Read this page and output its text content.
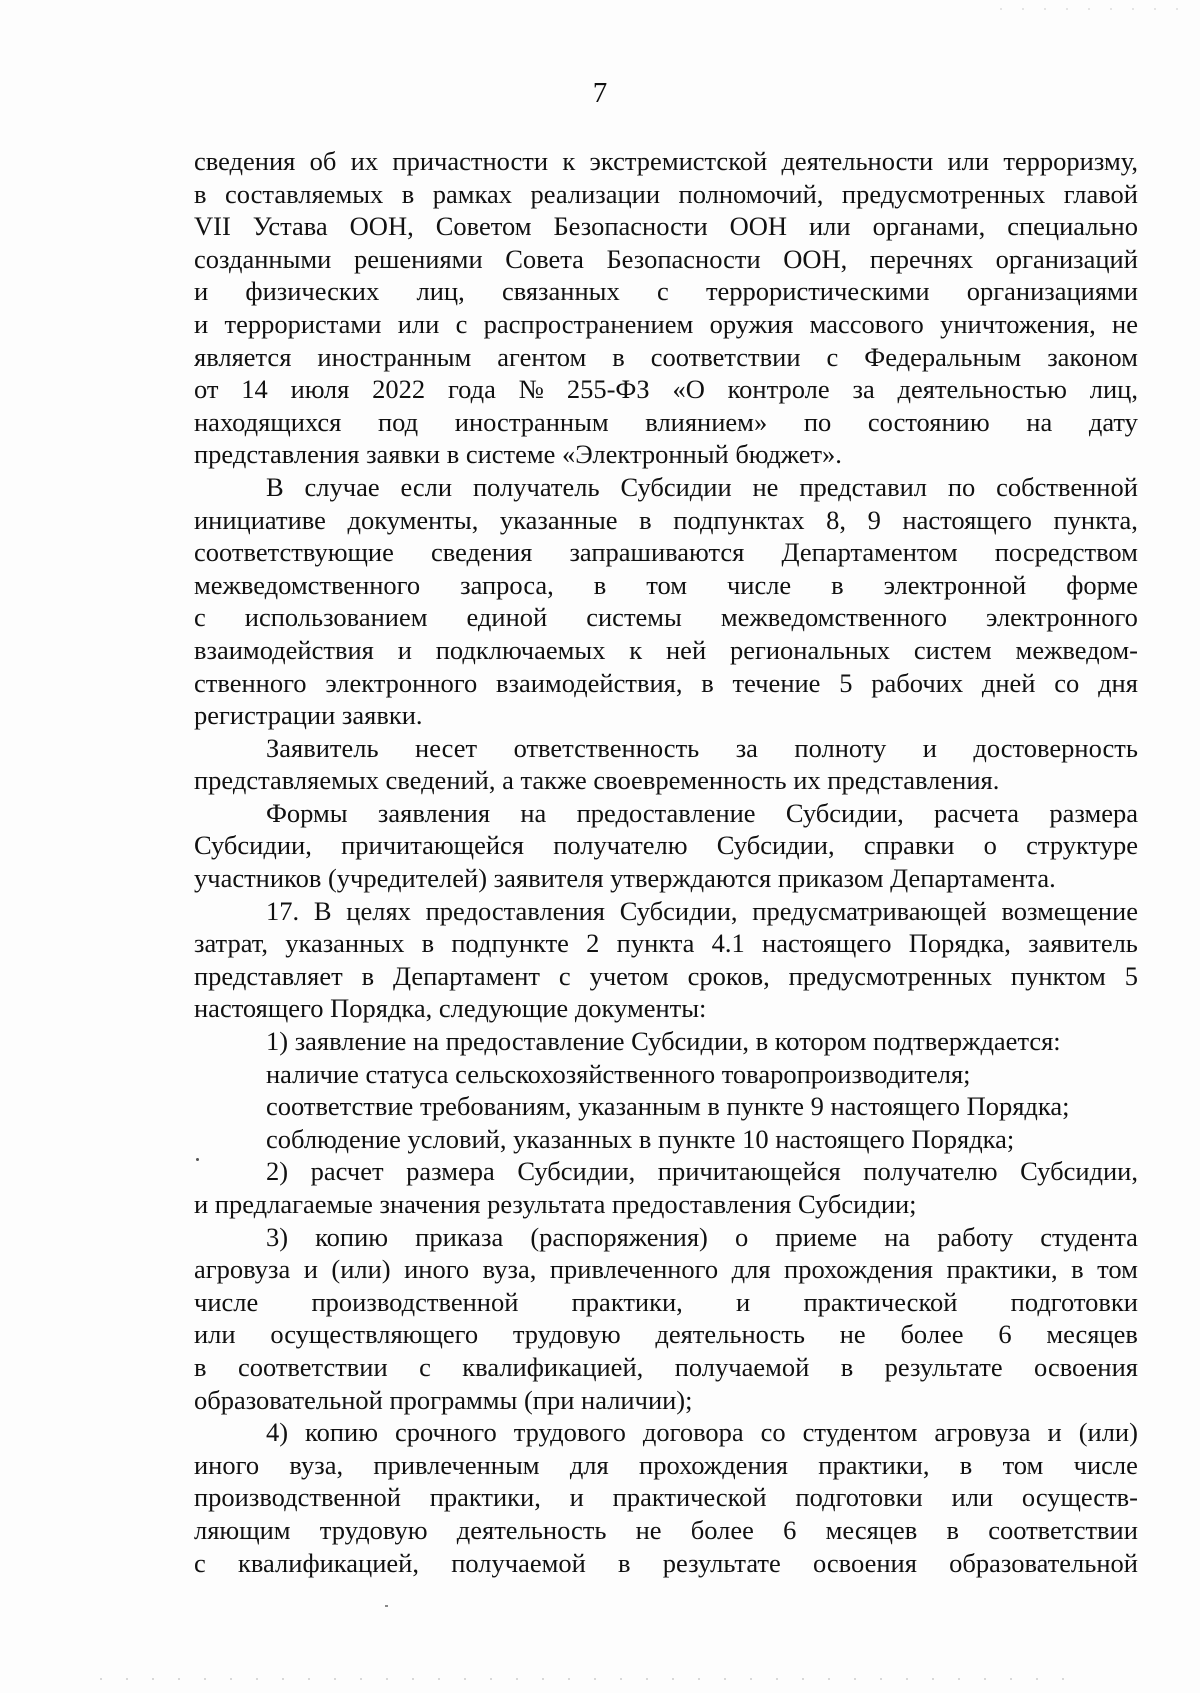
7
сведения об их причастности к экстремистской деятельности или терроризму,
в составляемых в рамках реализации полномочий, предусмотренных главой
VII Устава ООН, Советом Безопасности ООН или органами, специально
созданными решениями Совета Безопасности ООН, перечнях организаций
и физических лиц, связанных с террористическими организациями
и террористами или с распространением оружия массового уничтожения, не
является иностранным агентом в соответствии с Федеральным законом
от 14 июля 2022 года № 255-ФЗ «О контроле за деятельностью лиц,
находящихся под иностранным влиянием» по состоянию на дату
представления заявки в системе «Электронный бюджет».
В случае если получатель Субсидии не представил по собственной
инициативе документы, указанные в подпунктах 8, 9 настоящего пункта,
соответствующие сведения запрашиваются Департаментом посредством
межведомственного запроса, в том числе в электронной форме
с использованием единой системы межведомственного электронного
взаимодействия и подключаемых к ней региональных систем межведом-
ственного электронного взаимодействия, в течение 5 рабочих дней со дня
регистрации заявки.
Заявитель несет ответственность за полноту и достоверность
представляемых сведений, а также своевременность их представления.
Формы заявления на предоставление Субсидии, расчета размера
Субсидии, причитающейся получателю Субсидии, справки о структуре
участников (учредителей) заявителя утверждаются приказом Департамента.
17. В целях предоставления Субсидии, предусматривающей возмещение
затрат, указанных в подпункте 2 пункта 4.1 настоящего Порядка, заявитель
представляет в Департамент с учетом сроков, предусмотренных пунктом 5
настоящего Порядка, следующие документы:
1) заявление на предоставление Субсидии, в котором подтверждается:
наличие статуса сельскохозяйственного товаропроизводителя;
соответствие требованиям, указанным в пункте 9 настоящего Порядка;
соблюдение условий, указанных в пункте 10 настоящего Порядка;
2) расчет размера Субсидии, причитающейся получателю Субсидии,
и предлагаемые значения результата предоставления Субсидии;
3) копию приказа (распоряжения) о приеме на работу студента
агровуза и (или) иного вуза, привлеченного для прохождения практики, в том
числе производственной практики, и практической подготовки
или осуществляющего трудовую деятельность не более 6 месяцев
в соответствии с квалификацией, получаемой в результате освоения
образовательной программы (при наличии);
4) копию срочного трудового договора со студентом агровуза и (или)
иного вуза, привлеченным для прохождения практики, в том числе
производственной практики, и практической подготовки или осуществ-
ляющим трудовую деятельность не более 6 месяцев в соответствии
с квалификацией, получаемой в результате освоения образовательной
